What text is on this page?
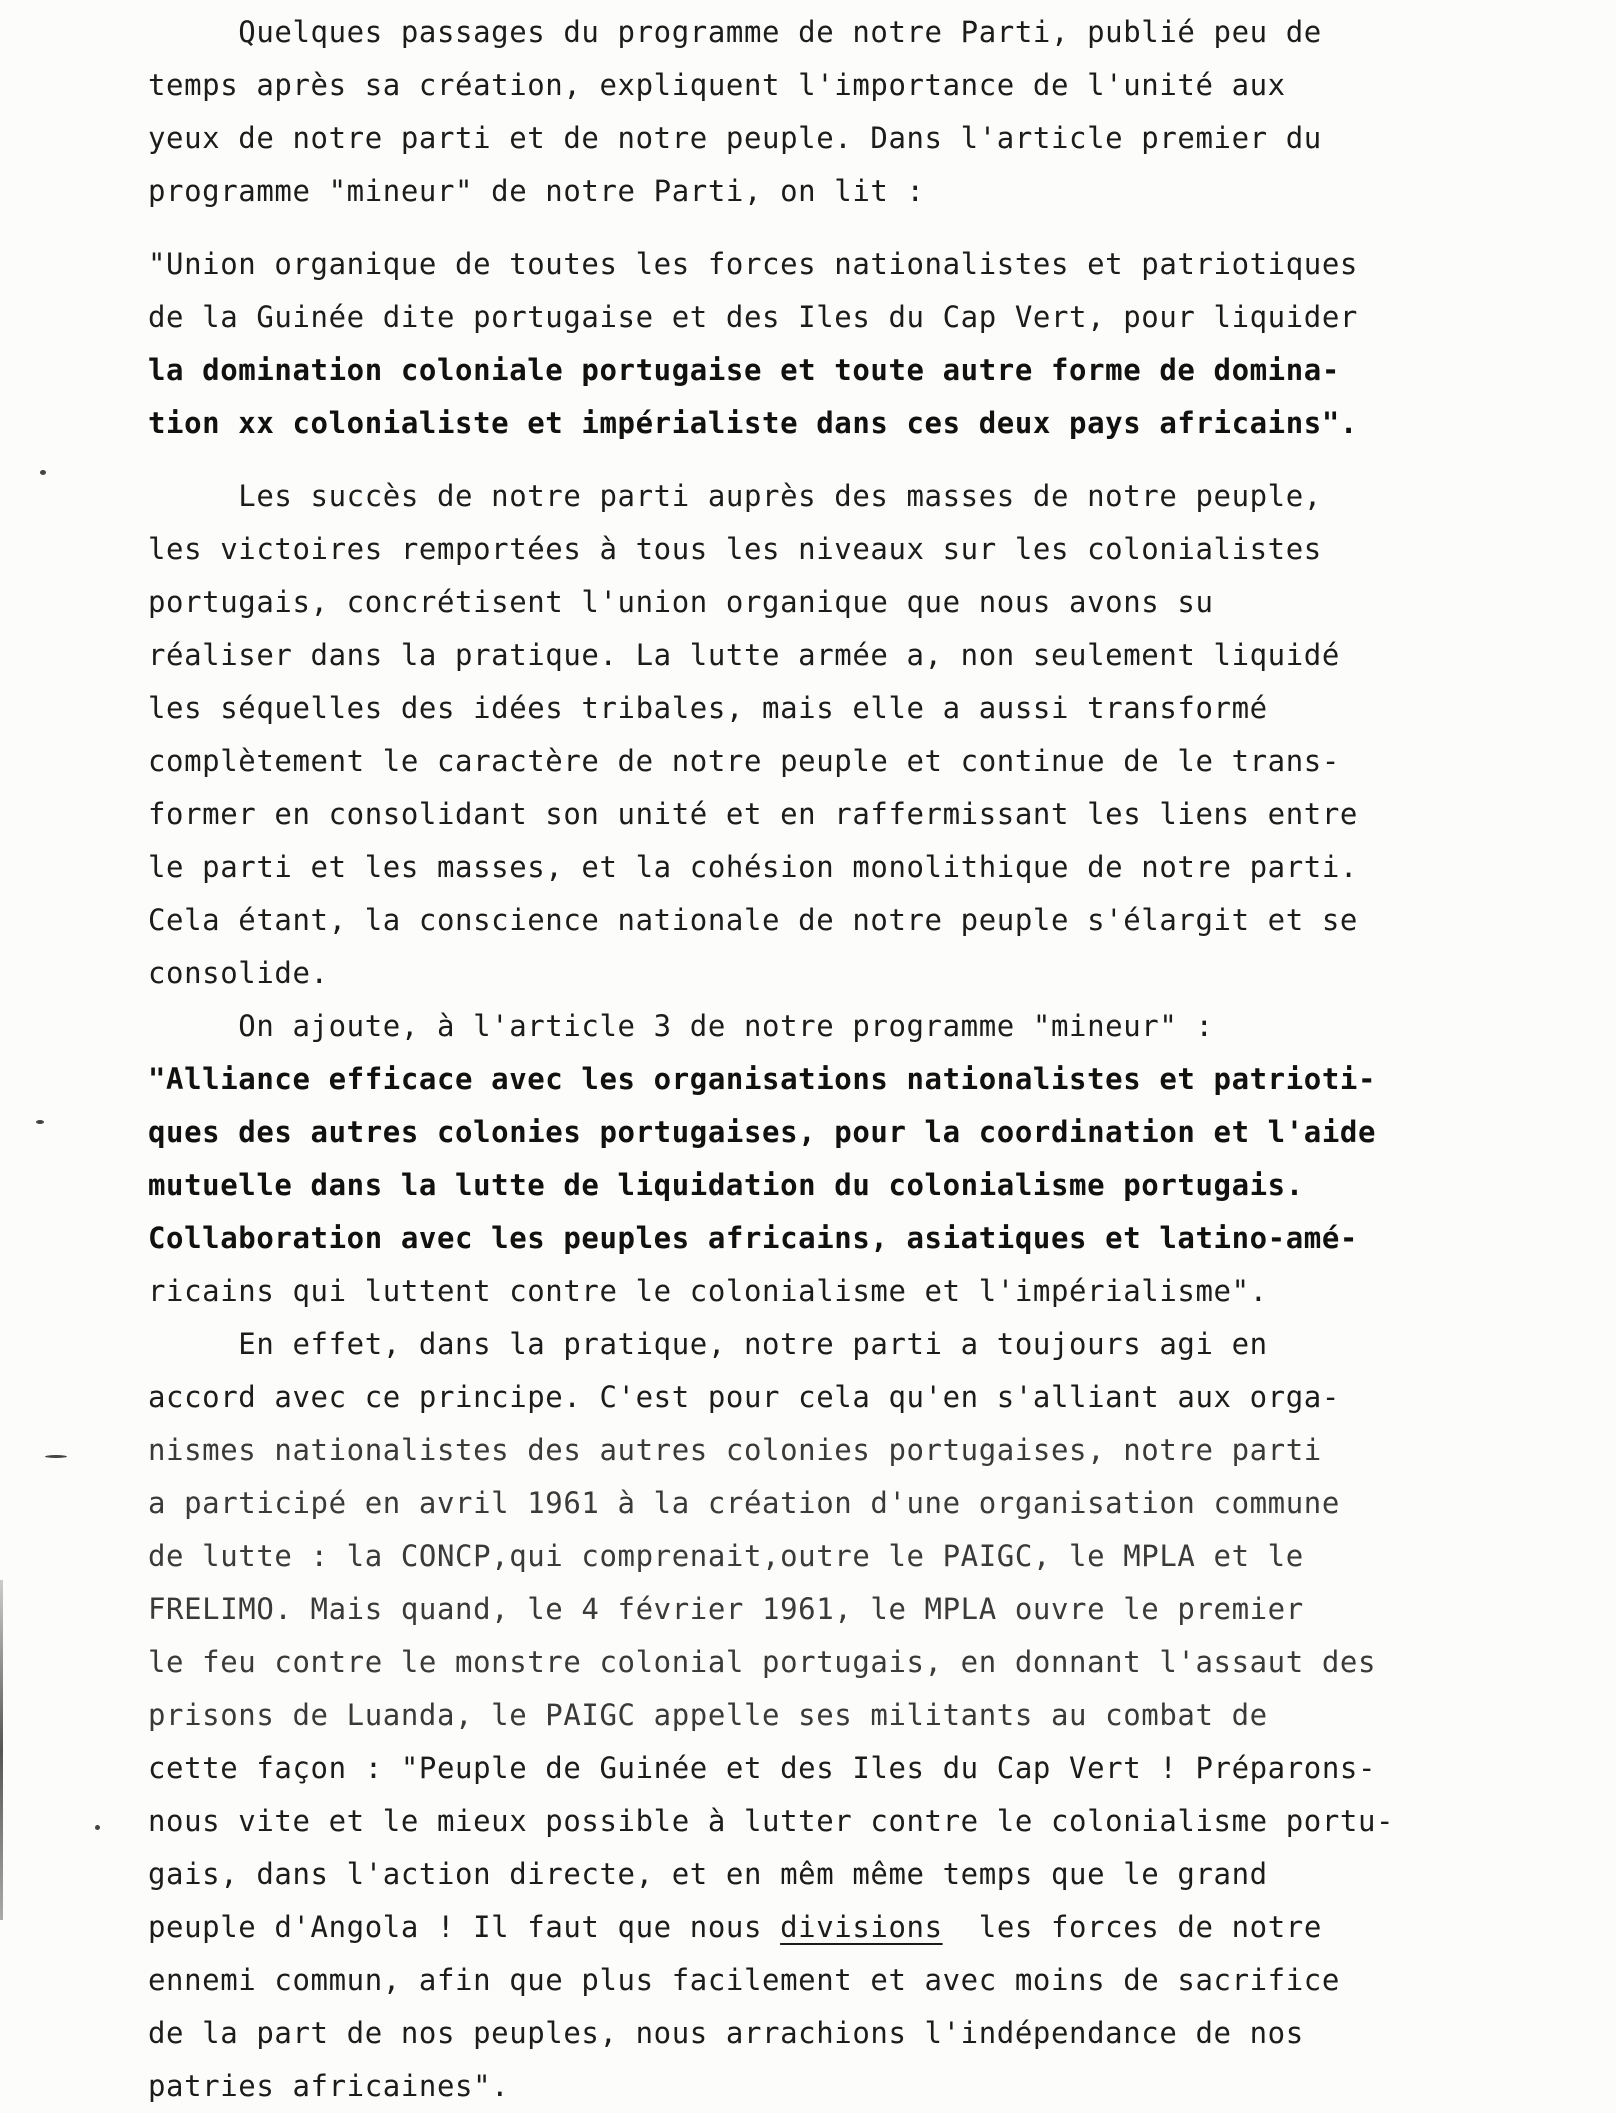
Quelques passages du programme de notre Parti, publié peu de
temps après sa création, expliquent l'importance de l'unité aux
yeux de notre parti et de notre peuple. Dans l'article premier du
programme "mineur" de notre Parti, on lit :
"Union organique de toutes les forces nationalistes et patriotiques
de la Guinée dite portugaise et des Iles du Cap Vert, pour liquider
la domination coloniale portugaise et toute autre forme de domina-
tion xx colonialiste et impérialiste dans ces deux pays africains".
Les succès de notre parti auprès des masses de notre peuple,
les victoires remportées à tous les niveaux sur les colonialistes
portugais, concrétisent l'union organique que nous avons su
réaliser dans la pratique. La lutte armée a, non seulement liquidé
les séquelles des idées tribales, mais elle a aussi transformé
complètement le caractère de notre peuple et continue de le trans-
former en consolidant son unité et en raffermissant les liens entre
le parti et les masses, et la cohésion monolithique de notre parti.
Cela étant, la conscience nationale de notre peuple s'élargit et se
consolide.
On ajoute, à l'article 3 de notre programme "mineur" :
"Alliance efficace avec les organisations nationalistes et patrioti-
ques des autres colonies portugaises, pour la coordination et l'aide
mutuelle dans la lutte de liquidation du colonialisme portugais.
Collaboration avec les peuples africains, asiatiques et latino-amé-
ricains qui luttent contre le colonialisme et l'impérialisme".
En effet, dans la pratique, notre parti a toujours agi en
accord avec ce principe. C'est pour cela qu'en s'alliant aux orga-
nismes nationalistes des autres colonies portugaises, notre parti
a participé en avril 1961 à la création d'une organisation commune
de lutte : la CONCP,qui comprenait,outre le PAIGC, le MPLA et le
FRELIMO. Mais quand, le 4 février 1961, le MPLA ouvre le premier
le feu contre le monstre colonial portugais, en donnant l'assaut des
prisons de Luanda, le PAIGC appelle ses militants au combat de
cette façon : "Peuple de Guinée et des Iles du Cap Vert ! Préparons-
nous vite et le mieux possible à lutter contre le colonialisme portu-
gais, dans l'action directe, et en mêm même temps que le grand
peuple d'Angola ! Il faut que nous divisions  les forces de notre
ennemi commun, afin que plus facilement et avec moins de sacrifice
de la part de nos peuples, nous arrachions l'indépendance de nos
patries africaines".
